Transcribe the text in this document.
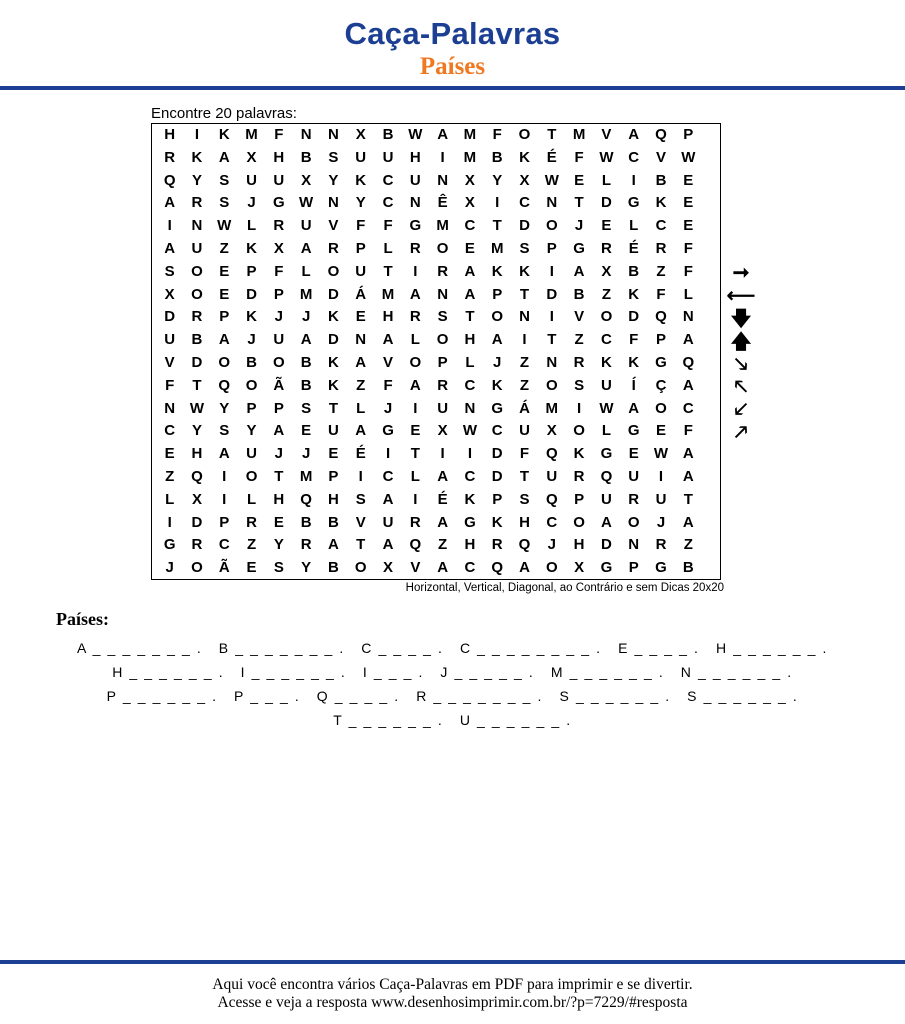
Caça-Palavras
Países
Encontre 20 palavras:
H	I	K	M	F	N	N	X	B W A	M	F	O	T	M	V	A	Q	P
R	K	A	X	H	B	S	U	U	H	I	M	B	K	É	F	W C	V	W
Q	Y	S	U	U	X	Y	K	C	U	N	X	Y	X	W	E	L	I	B	E
A	R	S	J	G W N	Y	C	N	Ê	X	I	C	N	T	D	G	K	E
I	N W	L	R	U	V	F	F	G	M	C	T	D	O	J	E	L	C	E
A	U	Z	K	X	A	R	P	L	R	O	E	M	S	P	G	R	É	R	F
S	O	E	P	F	L	O	U	T	I	R	A	K	K	I	A	X	B	Z	F
X	O	E	D	P	M	D	Á	M	A	N	A	P	T	D	B	Z	K	F	L
D	R	P	K	J	J	K	E	H	R	S	T	O	N	I	V	O	D	Q	N
U	B	A	J	U	A	D	N	A	L	O	H	A	I	T	Z	C	F	P	A
V	D	O	B	O	B	K	A	V	O	P	L	J	Z	N	R	K	K	G	Q
F	T	Q	O	Ã	B	K	Z	F	A	R	C	K	Z	O	S	U	Í	Ç	A
N W	Y	P	P	S	T	L	J	I	U	N	G	Á	M	I	W A	O	C
C	Y	S	Y	A	E	U	A	G	E	X	W C	U	X	O	L	G	E	F
E	H	A	U	J	J	E	É	I	T	I	I	D	F	Q	K	G	E	W A
Z	Q	I	O	T	M	P	I	C	L	A	C	D	T	U	R	Q	U	I	A
L	X	I	L	H	Q	H	S	A	I	É	K	P	S	Q	P	U	R	U	T
I	D	P	R	E	B	B	V	U	R	A	G	K	H	C	O	A	O	J	A
G	R	C	Z	Y	R	A	T	A	Q	Z	H	R	Q	J	H	D	N	R	Z
J	O	Ã	E	S	Y	B	O	X	V	A	C	Q	A	O	X	G	P	G	B
Horizontal, Vertical, Diagonal, ao Contrário e sem Dicas 20x20
➞
⟵
🡇
🡅
🡖
🡔
🡗
🡕
Países:
A _ _ _ _ _ _ _ .   B _ _ _ _ _ _ _ .   C _ _ _ _ .   C _ _ _ _ _ _ _ _ .   E _ _ _ _ .   H _ _ _ _ _ _ .
H _ _ _ _ _ _ .   I _ _ _ _ _ _ .   I _ _ _ .   J _ _ _ _ _ .   M _ _ _ _ _ _ .   N _ _ _ _ _ _ .
P _ _ _ _ _ _ .   P _ _ _ .   Q _ _ _ _ .   R _ _ _ _ _ _ _ .   S _ _ _ _ _ _ .   S _ _ _ _ _ _ .
T _ _ _ _ _ _ .   U _ _ _ _ _ _ .
Aqui você encontra vários Caça-Palavras em PDF para imprimir e se divertir.
Acesse e veja a resposta www.desenhosimprimir.com.br/?p=7229/#resposta
